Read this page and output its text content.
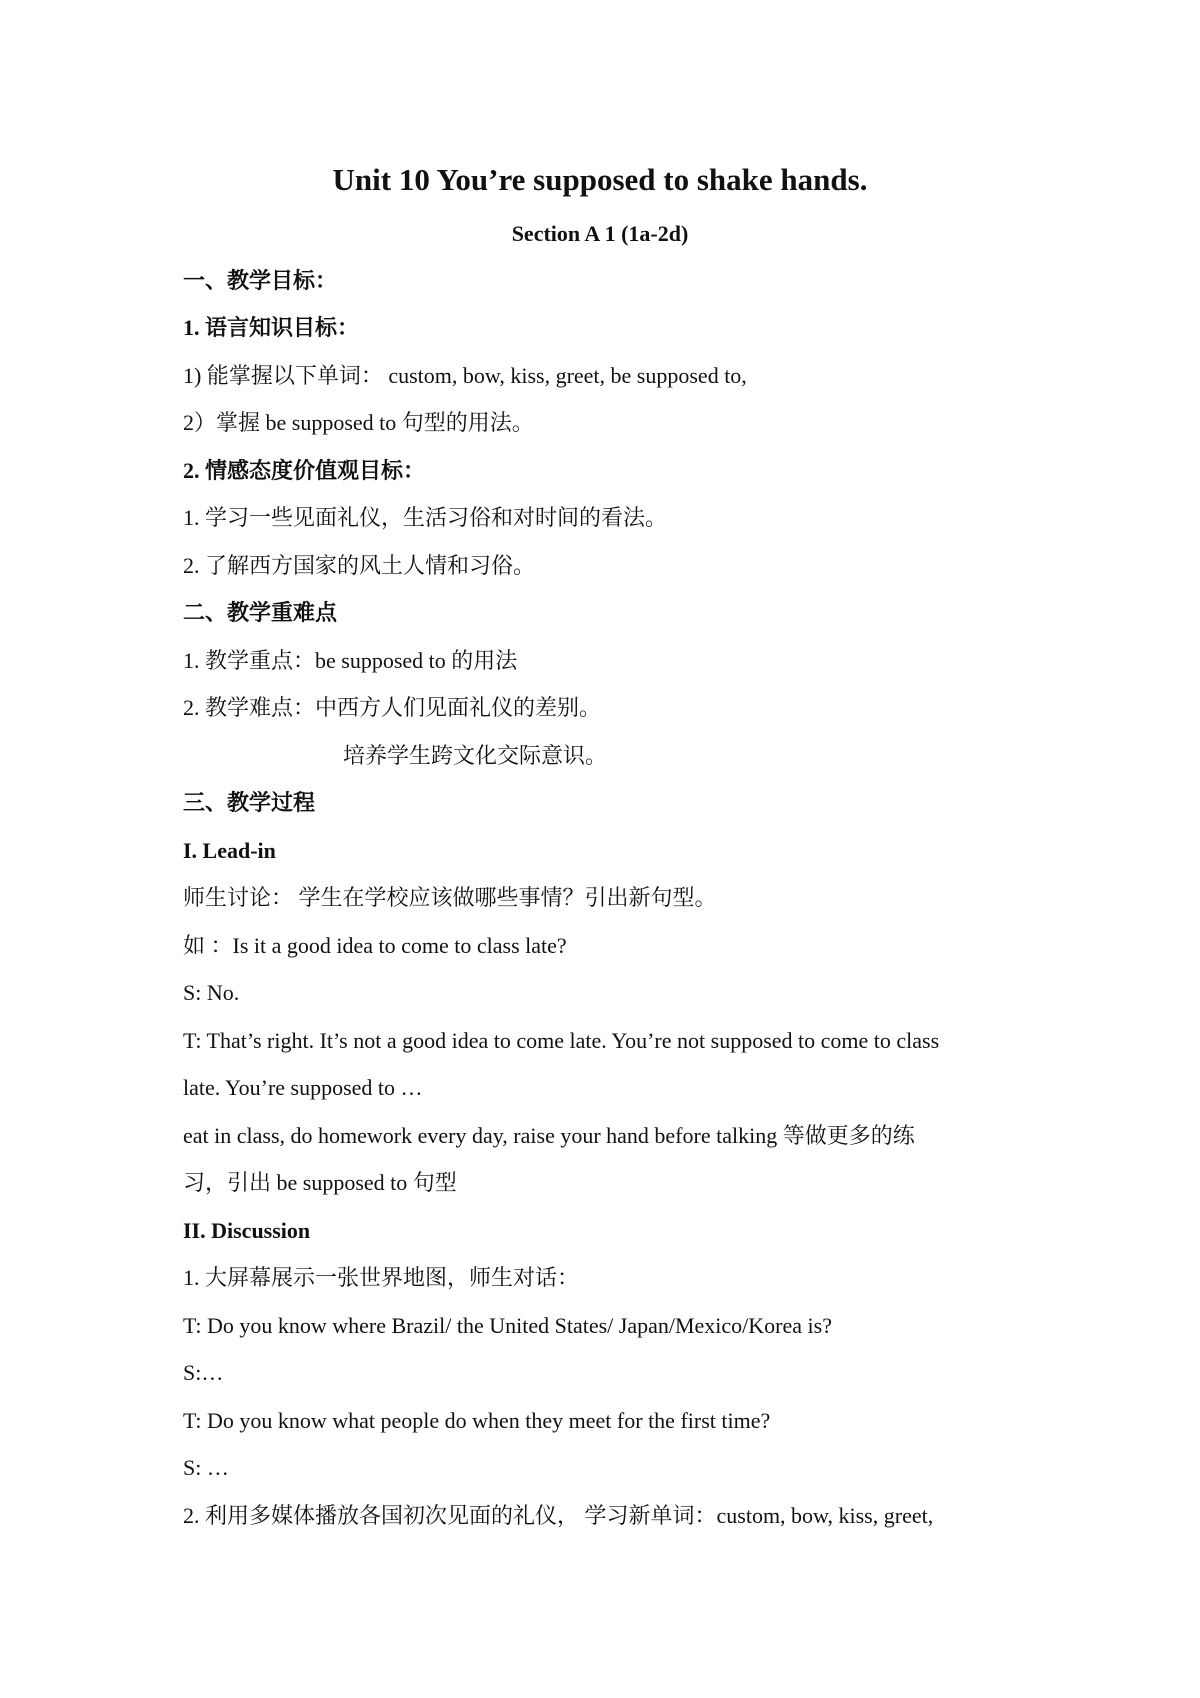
Unit 10 You’re supposed to shake hands.
Section A 1 (1a-2d)
一、教学目标：
1. 语言知识目标：
1) 能掌握以下单词： custom, bow, kiss, greet, be supposed to,
2）掌握 be supposed to 句型的用法。
2. 情感态度价值观目标：
1. 学习一些见面礼仪，生活习俗和对时间的看法。
2. 了解西方国家的风土人情和习俗。
二、教学重难点
1. 教学重点：be supposed to 的用法
2. 教学难点：中西方人们见面礼仪的差别。
培养学生跨文化交际意识。
三、教学过程
I. Lead-in
师生讨论： 学生在学校应该做哪些事情？引出新句型。
如 ：Is it a good idea to come to class late?
S: No.
T: That’s right. It’s not a good idea to come late. You’re not supposed to come to class
late. You’re supposed to …
eat in class, do homework every day, raise your hand before talking 等做更多的练
习，引出 be supposed to 句型
II. Discussion
1. 大屏幕展示一张世界地图，师生对话：
T: Do you know where Brazil/ the United States/ Japan/Mexico/Korea is?
S:…
T: Do you know what people do when they meet for the first time?
S: …
2. 利用多媒体播放各国初次见面的礼仪， 学习新单词：custom, bow, kiss, greet,
